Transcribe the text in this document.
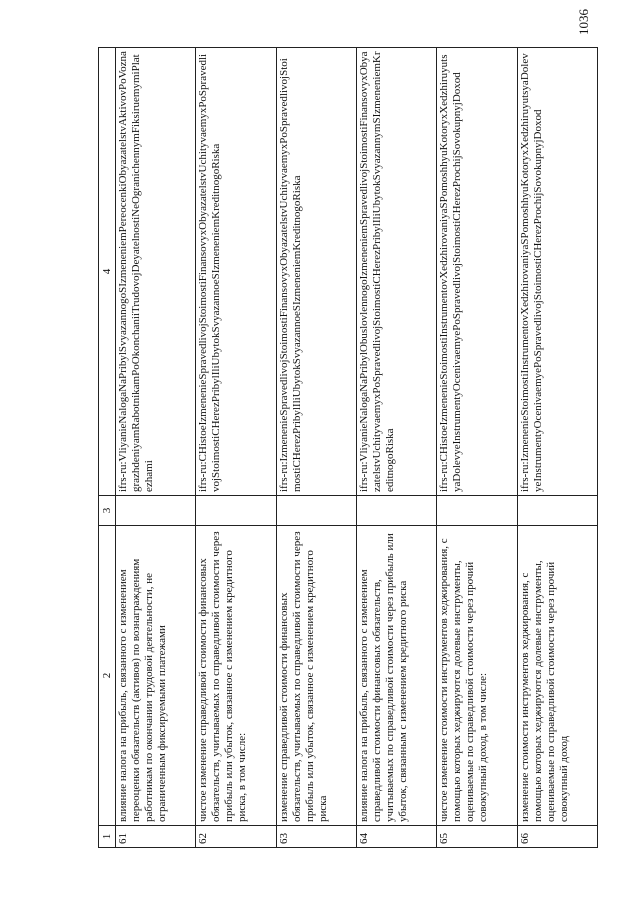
1036
1	2	3	4
61	влияние налога на прибыль, связанного с изменением переоценки обязательств (активов) по вознаграждениям работникам по окончании трудовой деятельности, не ограниченным фиксируемыми платежами		ifrs-ru:VliyanieNalogaNaPribylSvyazannogoSIzmeneniemPereocenkiObyazatelstvAktivovPoVoznagrazhdeniyamRabotnikamPoOkonchaniiTrudovojDeyatelnostiNeOgranichennymFiksiruemymiPlatezhami
62	чистое изменение справедливой стоимости финансовых обязательств, учитываемых по справедливой стоимости через прибыль или убыток, связанное с изменением кредитного риска, в том числе:		ifrs-ru:CHistoeIzmenenieSpravedlivojStoimostiFinansovyxObyazatelstvUchityvaemyxPoSpravedlivojStoimostiCHerezPribylIliUbytokSvyazannoeSIzmeneniemKreditnogoRiska
63	изменение справедливой стоимости финансовых обязательств, учитываемых по справедливой стоимости через прибыль или убыток, связанное с изменением кредитного риска		ifrs-ru:IzmenenieSpravedlivojStoimostiFinansovyxObyazatelstvUchityvaemyxPoSpravedlivojStoimostiCHerezPribylIliUbytokSvyazannoeSIzmeneniemKreditnogoRiska
64	влияние налога на прибыль, связанного с изменением справедливой стоимости финансовых обязательств, учитываемых по справедливой стоимости через прибыль или убыток, связанным с изменением кредитного риска		ifrs-ru:VliyanieNalogaNaPribylObuslovlennogoIzmeneniemSpravedlivojStoimostiFinansovyxObyazatelstvUchityvaemyxPoSpravedlivojStoimostiCHerezPribylIliUbytokSvyazannymSIzmeneniemKreditnogoRiska
65	чистое изменение стоимости инструментов хеджирования, с помощью которых хеджируются долевые инструменты, оцениваемые по справедливой стоимости через прочий совокупный доход, в том числе:		ifrs-ru:CHistoeIzmenenieStoimostiInstrumentovXedzhirovaniyaSPomoshhyuKotoryxXedzhiruyutsyaDolevyeInstrumentyOcenivaemyePoSpravedlivojStoimostiCHerezProchijSovokupnyjDoxod
66	изменение стоимости инструментов хеджирования, с помощью которых хеджируются долевые инструменты, оцениваемые по справедливой стоимости через прочий совокупный доход		ifrs-ru:IzmenenieStoimostiInstrumentovXedzhirovaniyaSPomoshhyuKotoryxXedzhiruyutsyaDolevyeInstrumentyOcenivaemyePoSpravedlivojStoimostiCHerezProchijSovokupnyjDoxod
